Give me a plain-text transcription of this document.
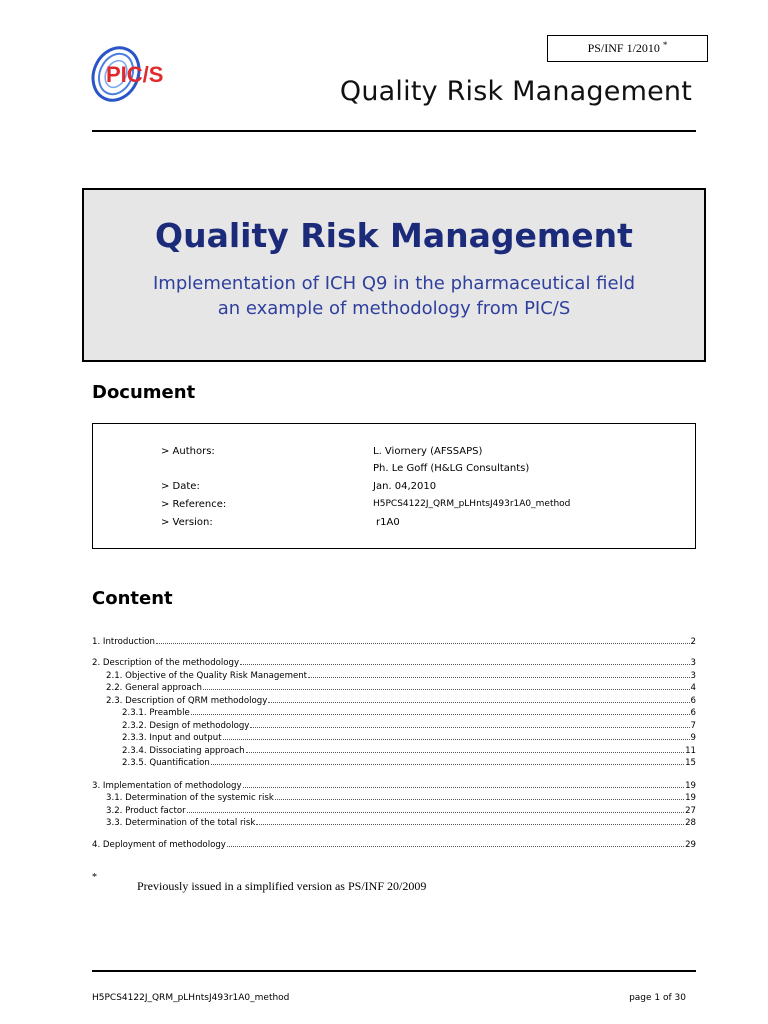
PS/INF 1/2010 *
PIC/S
Quality Risk Management
Quality Risk Management
Implementation of ICH Q9 in the pharmaceutical field
an example of methodology from PIC/S
Document
> Authors:	L. Viornery (AFSSAPS)
Ph. Le Goff (H&LG Consultants)
> Date:	Jan. 04,2010
> Reference:	H5PCS4122J_QRM_pLHntsJ493r1A0_method
> Version:	r1A0
Content
1. Introduction	2
2. Description of the methodology	3
2.1. Objective of the Quality Risk Management	3
2.2. General approach	4
2.3. Description of QRM methodology	6
2.3.1. Preamble	6
2.3.2. Design of methodology	7
2.3.3. Input and output	9
2.3.4. Dissociating approach	11
2.3.5. Quantification	15
3. Implementation of methodology	19
3.1. Determination of the systemic risk	19
3.2. Product factor	27
3.3. Determination of the total risk	28
4. Deployment of methodology	29
*
Previously issued in a simplified version as PS/INF 20/2009
H5PCS4122J_QRM_pLHntsJ493r1A0_method	page 1 of 30
